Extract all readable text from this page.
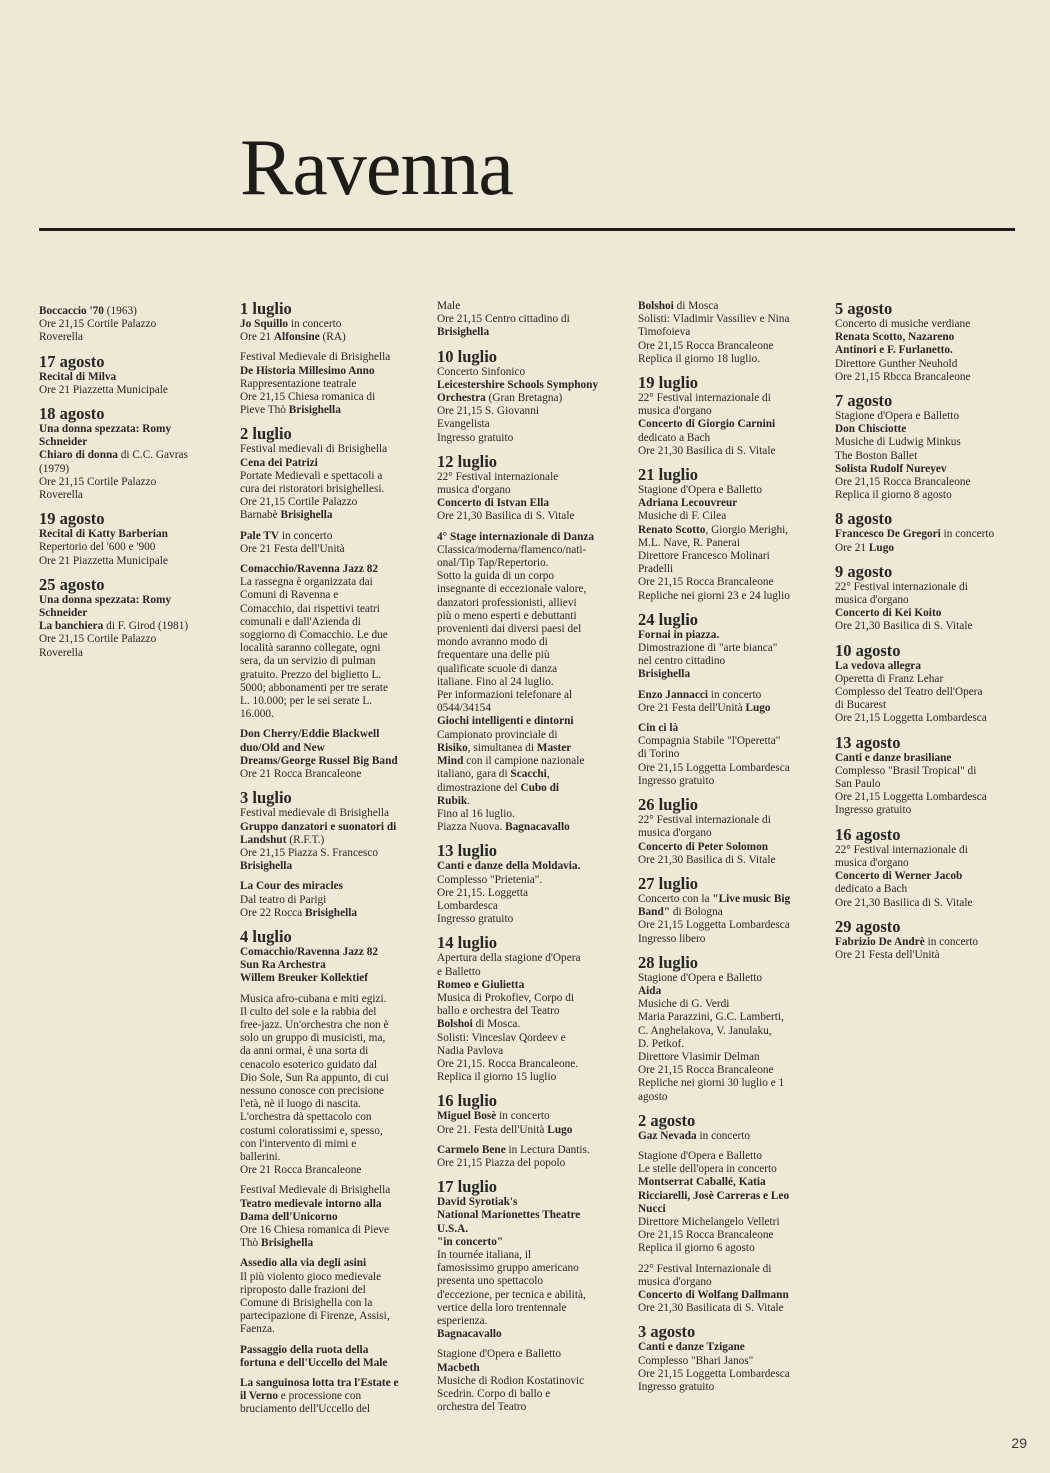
Ravenna
Boccaccio '70 (1963)
Ore 21,15 Cortile Palazzo
Roverella
17 agosto
Recital di Milva
Ore 21 Piazzetta Municipale
18 agosto
Una donna spezzata: Romy
Schneider
Chiaro di donna di C.C. Gavras
(1979)
Ore 21,15 Cortile Palazzo
Roverella
19 agosto
Recital di Katty Barberian
Repertorio del '600 e '900
Ore 21 Piazzetta Municipale
25 agosto
Una donna spezzata: Romy
Schneider
La banchiera di F. Girod (1981)
Ore 21,15 Cortile Palazzo
Roverella
1 luglio
Jo Squillo in concerto
Ore 21 Alfonsine (RA)
Festival Medievale di Brisighella
De Historia Millesimo Anno
Rappresentazione teatrale
Ore 21,15 Chiesa romanica di
Pieve Thò Brisighella
2 luglio
Festival medievali di Brisighella
Cena dei Patrizi
Portate Medievali e spettacoli a
cura dei ristoratori brisighellesi.
Ore 21,15 Cortile Palazzo
Barnabè Brisighella
Pale TV in concerto
Ore 21 Festa dell'Unità
Comacchio/Ravenna Jazz 82
La rassegna è organizzata dai
Comuni di Ravenna e
Comacchio, dai rispettivi teatri
comunali e dall'Azienda di
soggiorno di Comacchio. Le due
località saranno collegate, ogni
sera, da un servizio di pulman
gratuito. Prezzo del biglietto L.
5000; abbonamenti per tre serate
L. 10.000; per le sei serate L.
16.000.
Don Cherry/Eddie Blackwell
duo/Old and New
Dreams/George Russel Big Band
Ore 21 Rocca Brancaleone
3 luglio
Festival medievale di Brisighella
Gruppo danzatori e suonatori di
Landshut (R.F.T.)
Ore 21,15 Piazza S. Francesco
Brisighella
La Cour des miracles
Dal teatro di Parigi
Ore 22 Rocca Brisighella
4 luglio
Comacchio/Ravenna Jazz 82
Sun Ra Archestra
Willem Breuker Kollektief
Musica afro-cubana e miti egizi.
Il culto del sole e la rabbia del
free-jazz. Un'orchestra che non è
solo un gruppo di musicisti, ma,
da anni ormai, è una sorta di
cenacolo esoterico guidato dal
Dio Sole, Sun Ra appunto, di cui
nessuno conosce con precisione
l'età, nè il luogo di nascita.
L'orchestra dà spettacolo con
costumi coloratissimi e, spesso,
con l'intervento di mimi e
ballerini.
Ore 21 Rocca Brancaleone
Festival Medievale di Brisighella
Teatro medievale intorno alla
Dama dell'Unicorno
Ore 16 Chiesa romanica di Pieve
Thò Brisighella
Assedio alla via degli asini
Il più violento gioco medievale
riproposto dalle frazioni del
Comune di Brisighella con la
partecipazione di Firenze, Assisi,
Faenza.
Passaggio della ruota della
fortuna e dell'Uccello del Male
La sanguinosa lotta tra l'Estate e
il Verno e processione con
bruciamento dell'Uccello del
Male
Ore 21,15 Centro cittadino di
Brisighella
10 luglio
Concerto Sinfonico
Leicestershire Schools Symphony
Orchestra (Gran Bretagna)
Ore 21,15 S. Giovanni
Evangelista
Ingresso gratuito
12 luglio
22° Festival internazionale
musica d'organo
Concerto di Istvan Ella
Ore 21,30 Basilica di S. Vitale
4° Stage internazionale di Danza
Classica/moderna/flamenco/nati-
onal/Tip Tap/Repertorio.
Sotto la guida di un corpo
insegnante di eccezionale valore,
danzatori professionisti, allievi
più o meno esperti e debuttanti
provenienti dai diversi paesi del
mondo avranno modo di
frequentare una delle più
qualificate scuole di danza
italiane. Fino al 24 luglio.
Per informazioni telefonare al
0544/34154
Giochi intelligenti e dintorni
Campionato provinciale di
Risiko, simultanea di Master
Mind con il campione nazionale
italiano, gara di Scacchi,
dimostrazione del Cubo di
Rubik.
Fino al 16 luglio.
Piazza Nuova. Bagnacavallo
13 luglio
Canti e danze della Moldavia.
Complesso "Prietenia".
Ore 21,15. Loggetta
Lombardesca
Ingresso gratuito
14 luglio
Apertura della stagione d'Opera
e Balletto
Romeo e Giulietta
Musica di Prokofiev, Corpo di
ballo e orchestra del Teatro
Bolshoi di Mosca.
Solisti: Vinceslav Qordeev e
Nadia Pavlova
Ore 21,15. Rocca Brancaleone.
Replica il giorno 15 luglio
16 luglio
Miguel Bosè in concerto
Ore 21. Festa dell'Unità Lugo
Carmelo Bene in Lectura Dantis.
Ore 21,15 Piazza del popolo
17 luglio
David Syrotiak's
National Marionettes Theatre
U.S.A.
"in concerto"
In tournée italiana, il
famosissimo gruppo americano
presenta uno spettacolo
d'eccezione, per tecnica e abilità,
vertice della loro trentennale
esperienza.
Bagnacavallo
Stagione d'Opera e Balletto
Macbeth
Musiche di Rodion Kostatinovic
Scedrin. Corpo di ballo e
orchestra del Teatro
Bolshoi di Mosca
Solisti: Vladimir Vassiliev e Nina
Timofoieva
Ore 21,15 Rocca Brancaleone
Replica il giorno 18 luglio.
19 luglio
22° Festival internazionale di
musica d'organo
Concerto di Giorgio Carnini
dedicato a Bach
Ore 21,30 Basilica di S. Vitale
21 luglio
Stagione d'Opera e Balletto
Adriana Lecouvreur
Musiche di F. Cilea
Renato Scotto, Giorgio Merighi,
M.L. Nave, R. Panerai
Direttore Francesco Molinari
Pradelli
Ore 21,15 Rocca Brancaleone
Repliche nei giorni 23 e 24 luglio
24 luglio
Fornai in piazza.
Dimostrazione di "arte bianca"
nel centro cittadino
Brisighella
Enzo Jannacci in concerto
Ore 21 Festa dell'Unità Lugo
Cin ci là
Compagnia Stabile "l'Operetta"
di Torino
Ore 21,15 Loggetta Lombardesca
Ingresso gratuito
26 luglio
22° Festival internazionale di
musica d'organo
Concerto di Peter Solomon
Ore 21,30 Basilica di S. Vitale
27 luglio
Concerto con la "Live music Big
Band" di Bologna
Ore 21,15 Loggetta Lombardesca
Ingresso libero
28 luglio
Stagione d'Opera e Balletto
Aida
Musiche di G. Verdi
Maria Parazzini, G.C. Lamberti,
C. Anghelakova, V. Janulaku,
D. Petkof.
Direttore Vlasimir Delman
Ore 21,15 Rocca Brancaleone
Repliche nei giorni 30 luglio e 1
agosto
2 agosto
Gaz Nevada in concerto
Stagione d'Opera e Balletto
Le stelle dell'opera in concerto
Montserrat Caballé, Katia
Ricciarelli, Josè Carreras e Leo
Nucci
Direttore Michelangelo Velletri
Ore 21,15 Rocca Brancaleone
Replica il giorno 6 agosto
22° Festival Internazionale di
musica d'organo
Concerto di Wolfang Dallmann
Ore 21,30 Basilicata di S. Vitale
3 agosto
Canti e danze Tzigane
Complesso "Bhari Janos"
Ore 21,15 Loggetta Lombardesca
Ingresso gratuito
5 agosto
Concerto di musiche verdiane
Renata Scotto, Nazareno
Antinori e F. Furlanetto.
Direttore Gunther Neuhold
Ore 21,15 Rbcca Brancaleone
7 agosto
Stagione d'Opera e Balletto
Don Chisciotte
Musiche di Ludwig Minkus
The Boston Ballet
Solista Rudolf Nureyev
Ore 21,15 Rocca Brancaleone
Replica il giorno 8 agosto
8 agosto
Francesco De Gregori in concerto
Ore 21 Lugo
9 agosto
22° Festival internazionale di
musica d'organo
Concerto di Kei Koito
Ore 21,30 Basilica di S. Vitale
10 agosto
La vedova allegra
Operetta di Franz Lehar
Complesso del Teatro dell'Opera
di Bucarest
Ore 21,15 Loggetta Lombardesca
13 agosto
Canti e danze brasiliane
Complesso "Brasil Tropical" di
San Paulo
Ore 21,15 Loggetta Lombardesca
Ingresso gratuito
16 agosto
22° Festival internazionale di
musica d'organo
Concerto di Werner Jacob
dedicato a Bach
Ore 21,30 Basilica di S. Vitale
29 agosto
Fabrizio De Andrè in concerto
Ore 21 Festa dell'Unità
29
